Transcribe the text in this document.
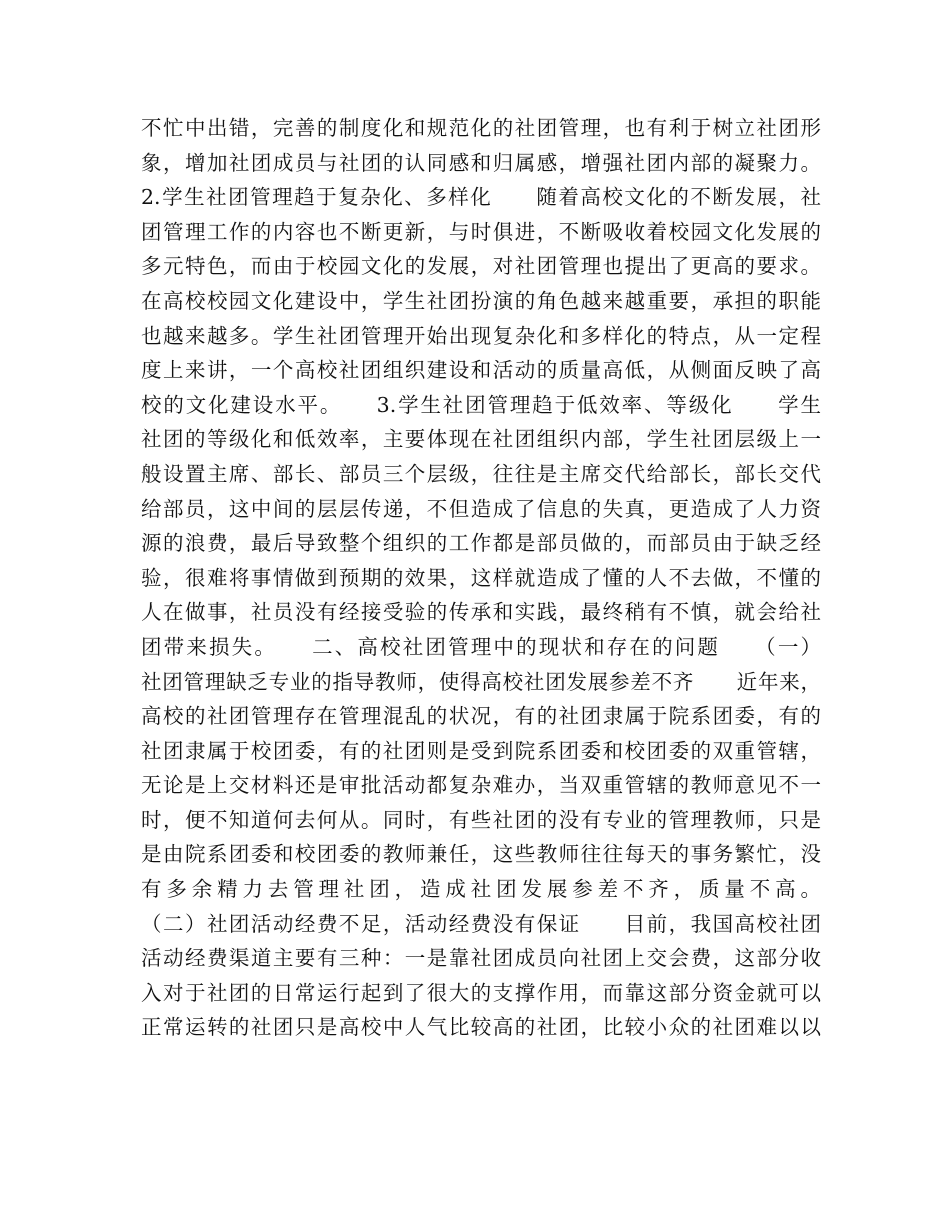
不忙中出错，完善的制度化和规范化的社团管理，也有利于树立社团形
象，增加社团成员与社团的认同感和归属感，增强社团内部的凝聚力。
2.学生社团管理趋于复杂化、多样化　　随着高校文化的不断发展，社
团管理工作的内容也不断更新，与时俱进，不断吸收着校园文化发展的
多元特色，而由于校园文化的发展，对社团管理也提出了更高的要求。
在高校校园文化建设中，学生社团扮演的角色越来越重要，承担的职能
也越来越多。学生社团管理开始出现复杂化和多样化的特点，从一定程
度上来讲，一个高校社团组织建设和活动的质量高低，从侧面反映了高
校的文化建设水平。　　3.学生社团管理趋于低效率、等级化　　学生
社团的等级化和低效率，主要体现在社团组织内部，学生社团层级上一
般设置主席、部长、部员三个层级，往往是主席交代给部长，部长交代
给部员，这中间的层层传递，不但造成了信息的失真，更造成了人力资
源的浪费，最后导致整个组织的工作都是部员做的，而部员由于缺乏经
验，很难将事情做到预期的效果，这样就造成了懂的人不去做，不懂的
人在做事，社员没有经接受验的传承和实践，最终稍有不慎，就会给社
团带来损失。　　二、高校社团管理中的现状和存在的问题　　（一）
社团管理缺乏专业的指导教师，使得高校社团发展参差不齐　　近年来，
高校的社团管理存在管理混乱的状况，有的社团隶属于院系团委，有的
社团隶属于校团委，有的社团则是受到院系团委和校团委的双重管辖，
无论是上交材料还是审批活动都复杂难办，当双重管辖的教师意见不一
时，便不知道何去何从。同时，有些社团的没有专业的管理教师，只是
是由院系团委和校团委的教师兼任，这些教师往往每天的事务繁忙，没
有多余精力去管理社团，造成社团发展参差不齐，质量不高。
（二）社团活动经费不足，活动经费没有保证　　目前，我国高校社团
活动经费渠道主要有三种：一是靠社团成员向社团上交会费，这部分收
入对于社团的日常运行起到了很大的支撑作用，而靠这部分资金就可以
正常运转的社团只是高校中人气比较高的社团，比较小众的社团难以以
